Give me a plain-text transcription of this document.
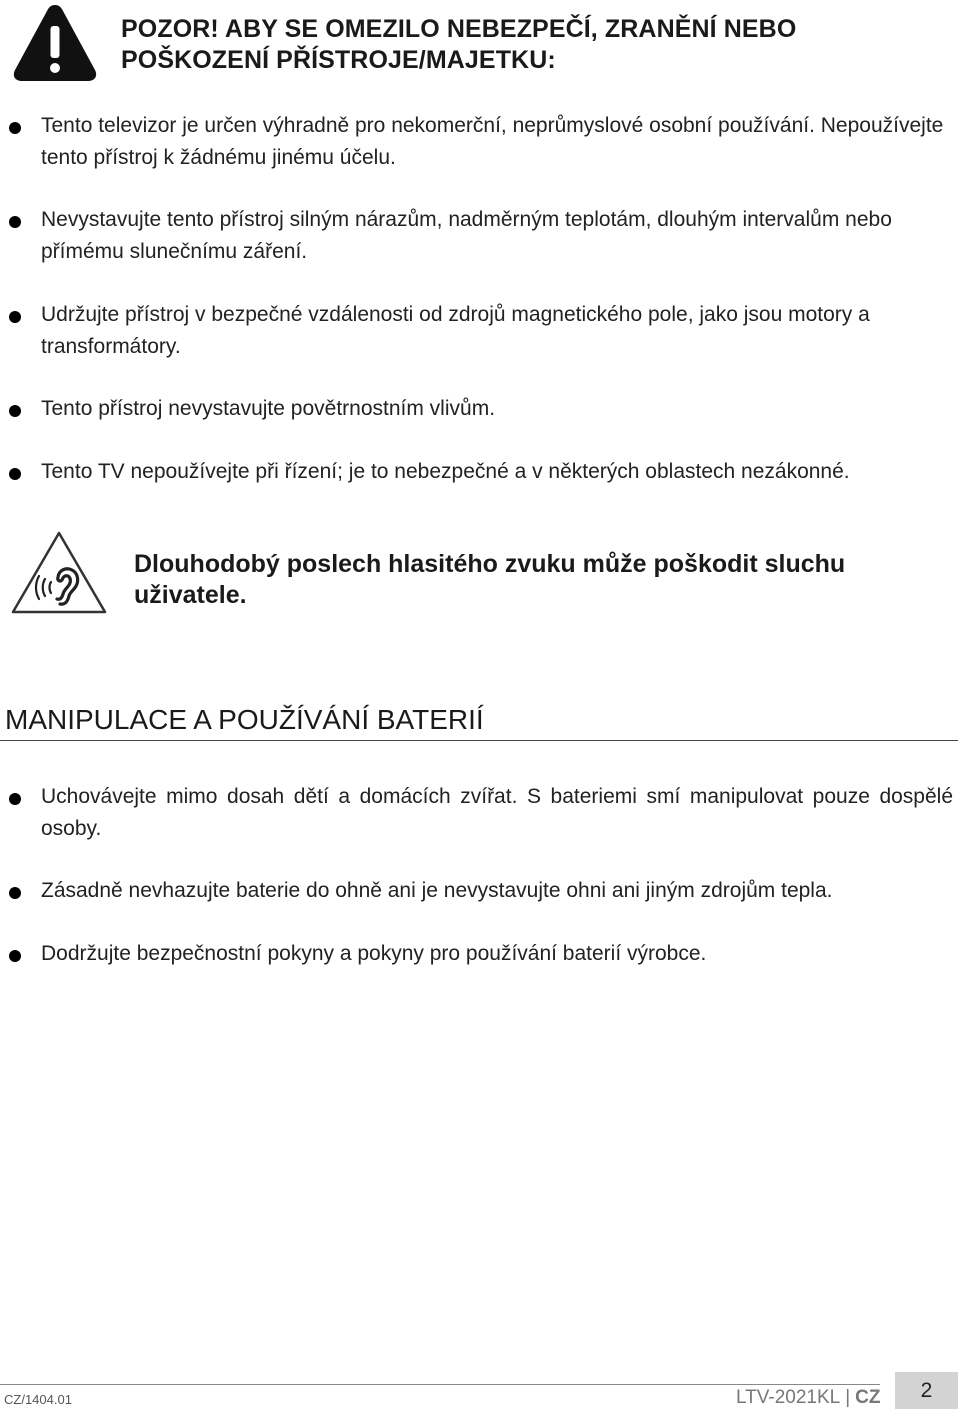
POZOR! ABY SE OMEZILO NEBEZPEČÍ, ZRANĚNÍ NEBO POŠKOZENÍ PŘÍSTROJE/MAJETKU:
Tento televizor je určen výhradně pro nekomerční, neprůmyslové osobní používání. Nepoužívejte tento přístroj k žádnému jinému účelu.
Nevystavujte tento přístroj silným nárazům, nadměrným teplotám, dlouhým intervalům nebo přímému slunečnímu záření.
Udržujte přístroj v bezpečné vzdálenosti od zdrojů magnetického pole, jako jsou motory a transformátory.
Tento přístroj nevystavujte povětrnostním vlivům.
Tento TV nepoužívejte při řízení; je to nebezpečné a v některých oblastech nezákonné.
Dlouhodobý poslech hlasitého zvuku může poškodit sluchu uživatele.
MANIPULACE A POUŽÍVÁNÍ BATERIÍ
Uchovávejte mimo dosah dětí a domácích zvířat. S bateriemi smí manipulovat pouze dospělé osoby.
Zásadně nevhazujte baterie do ohně ani je nevystavujte ohni ani jiným zdrojům tepla.
Dodržujte bezpečnostní pokyny a pokyny pro používání baterií výrobce.
CZ/1404.01	LTV-2021KL | CZ	2
